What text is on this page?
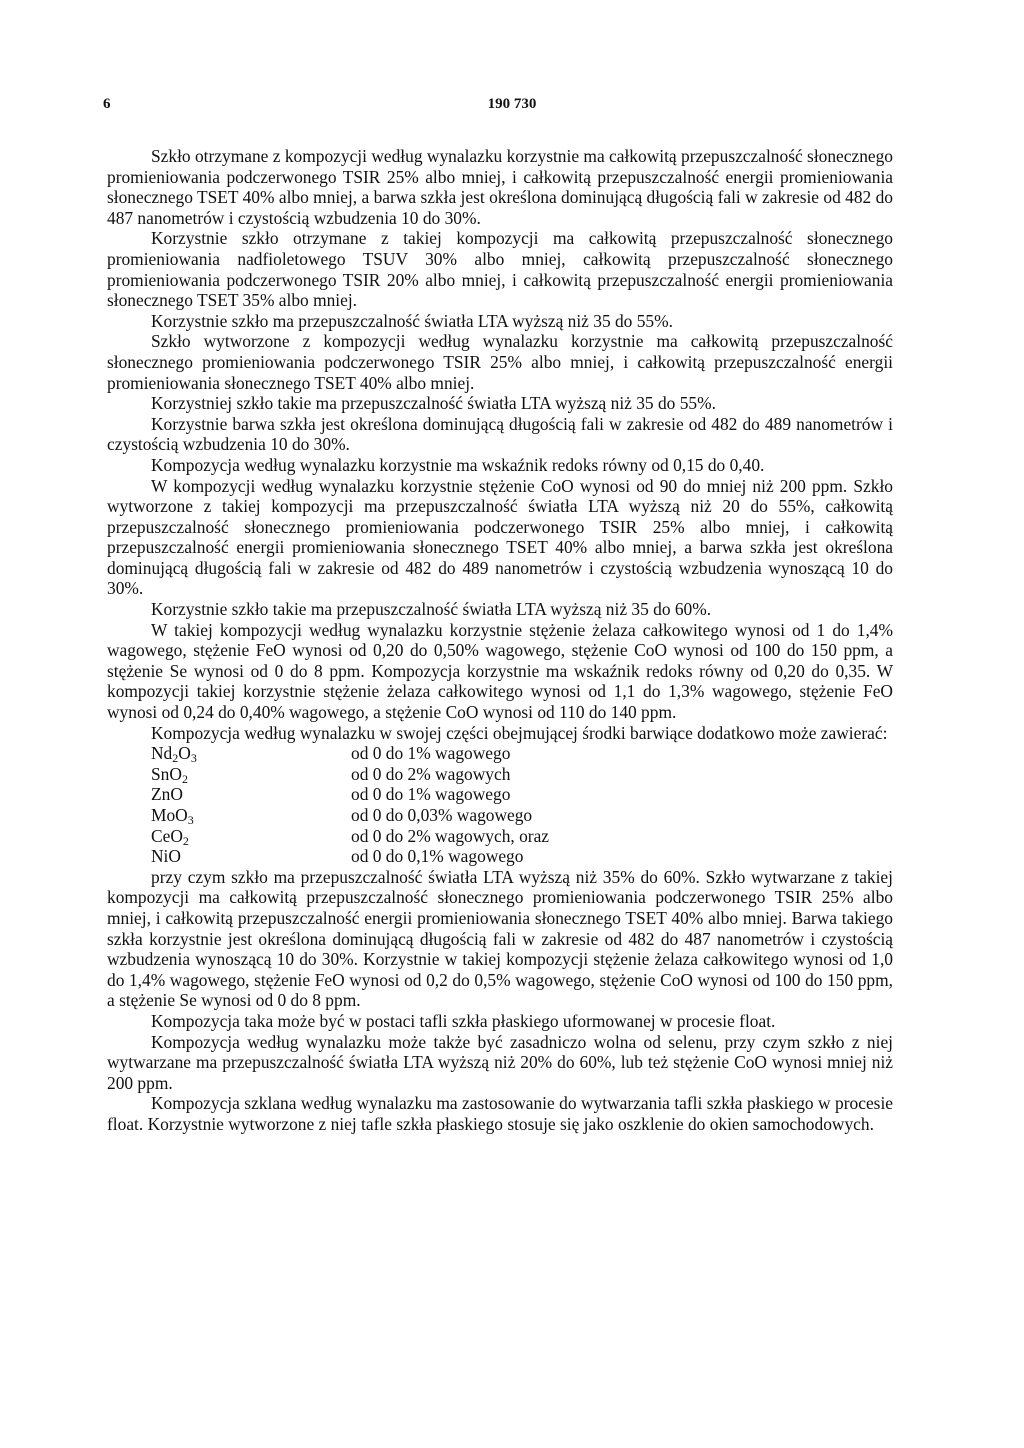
6	190 730

Szkło otrzymane z kompozycji według wynalazku korzystnie ma całkowitą przepuszczalność słonecznego promieniowania podczerwonego TSIR 25% albo mniej, i całkowitą przepuszczalność energii promieniowania słonecznego TSET 40% albo mniej, a barwa szkła jest określona dominującą długością fali w zakresie od 482 do 487 nanometrów i czystością wzbudzenia 10 do 30%.

Korzystnie szkło otrzymane z takiej kompozycji ma całkowitą przepuszczalność słonecznego promieniowania nadfioletowego TSUV 30% albo mniej, całkowitą przepuszczalność słonecznego promieniowania podczerwonego TSIR 20% albo mniej, i całkowitą przepuszczalność energii promieniowania słonecznego TSET 35% albo mniej.

Korzystnie szkło ma przepuszczalność światła LTA wyższą niż 35 do 55%.

Szkło wytworzone z kompozycji według wynalazku korzystnie ma całkowitą przepuszczalność słonecznego promieniowania podczerwonego TSIR 25% albo mniej, i całkowitą przepuszczalność energii promieniowania słonecznego TSET 40% albo mniej.

Korzystniej szkło takie ma przepuszczalność światła LTA wyższą niż 35 do 55%.

Korzystnie barwa szkła jest określona dominującą długością fali w zakresie od 482 do 489 nanometrów i czystością wzbudzenia 10 do 30%.

Kompozycja według wynalazku korzystnie ma wskaźnik redoks równy od 0,15 do 0,40.

W kompozycji według wynalazku korzystnie stężenie CoO wynosi od 90 do mniej niż 200 ppm. Szkło wytworzone z takiej kompozycji ma przepuszczalność światła LTA wyższą niż 20 do 55%, całkowitą przepuszczalność słonecznego promieniowania podczerwonego TSIR 25% albo mniej, i całkowitą przepuszczalność energii promieniowania słonecznego TSET 40% albo mniej, a barwa szkła jest określona dominującą długością fali w zakresie od 482 do 489 nanometrów i czystością wzbudzenia wynoszącą 10 do 30%.

Korzystnie szkło takie ma przepuszczalność światła LTA wyższą niż 35 do 60%.

W takiej kompozycji według wynalazku korzystnie stężenie żelaza całkowitego wynosi od 1 do 1,4% wagowego, stężenie FeO wynosi od 0,20 do 0,50% wagowego, stężenie CoO wynosi od 100 do 150 ppm, a stężenie Se wynosi od 0 do 8 ppm. Kompozycja korzystnie ma wskaźnik redoks równy od 0,20 do 0,35. W kompozycji takiej korzystnie stężenie żelaza całkowitego wynosi od 1,1 do 1,3% wagowego, stężenie FeO wynosi od 0,24 do 0,40% wagowego, a stężenie CoO wynosi od 110 do 140 ppm.

Kompozycja według wynalazku w swojej części obejmującej środki barwiące dodatkowo może zawierać:

$Nd_2O_3$	od 0 do 1% wagowego
SnO$_2$	od 0 do 2% wagowych
ZnO	od 0 do 1% wagowego
MoO$_3$	od 0 do 0,03% wagowego
CeO$_2$	od 0 do 2% wagowych, oraz
NiO	od 0 do 0,1% wagowego

przy czym szkło ma przepuszczalność światła LTA wyższą niż 35% do 60%. Szkło wytwarzane z takiej kompozycji ma całkowitą przepuszczalność słonecznego promieniowania podczerwonego TSIR 25% albo mniej, i całkowitą przepuszczalność energii promieniowania słonecznego TSET 40% albo mniej. Barwa takiego szkła korzystnie jest określona dominującą długością fali w zakresie od 482 do 487 nanometrów i czystością wzbudzenia wynoszącą 10 do 30%. Korzystnie w takiej kompozycji stężenie żelaza całkowitego wynosi od 1,0 do 1,4% wagowego, stężenie FeO wynosi od 0,2 do 0,5% wagowego, stężenie CoO wynosi od 100 do 150 ppm, a stężenie Se wynosi od 0 do 8 ppm.

Kompozycja taka może być w postaci tafli szkła płaskiego uformowanej w procesie float.

Kompozycja według wynalazku może także być zasadniczo wolna od selenu, przy czym szkło z niej wytwarzane ma przepuszczalność światła LTA wyższą niż 20% do 60%, lub też stężenie CoO wynosi mniej niż 200 ppm.

Kompozycja szklana według wynalazku ma zastosowanie do wytwarzania tafli szkła płaskiego w procesie float. Korzystnie wytworzone z niej tafle szkła płaskiego stosuje się jako oszklenie do okien samochodowych.
